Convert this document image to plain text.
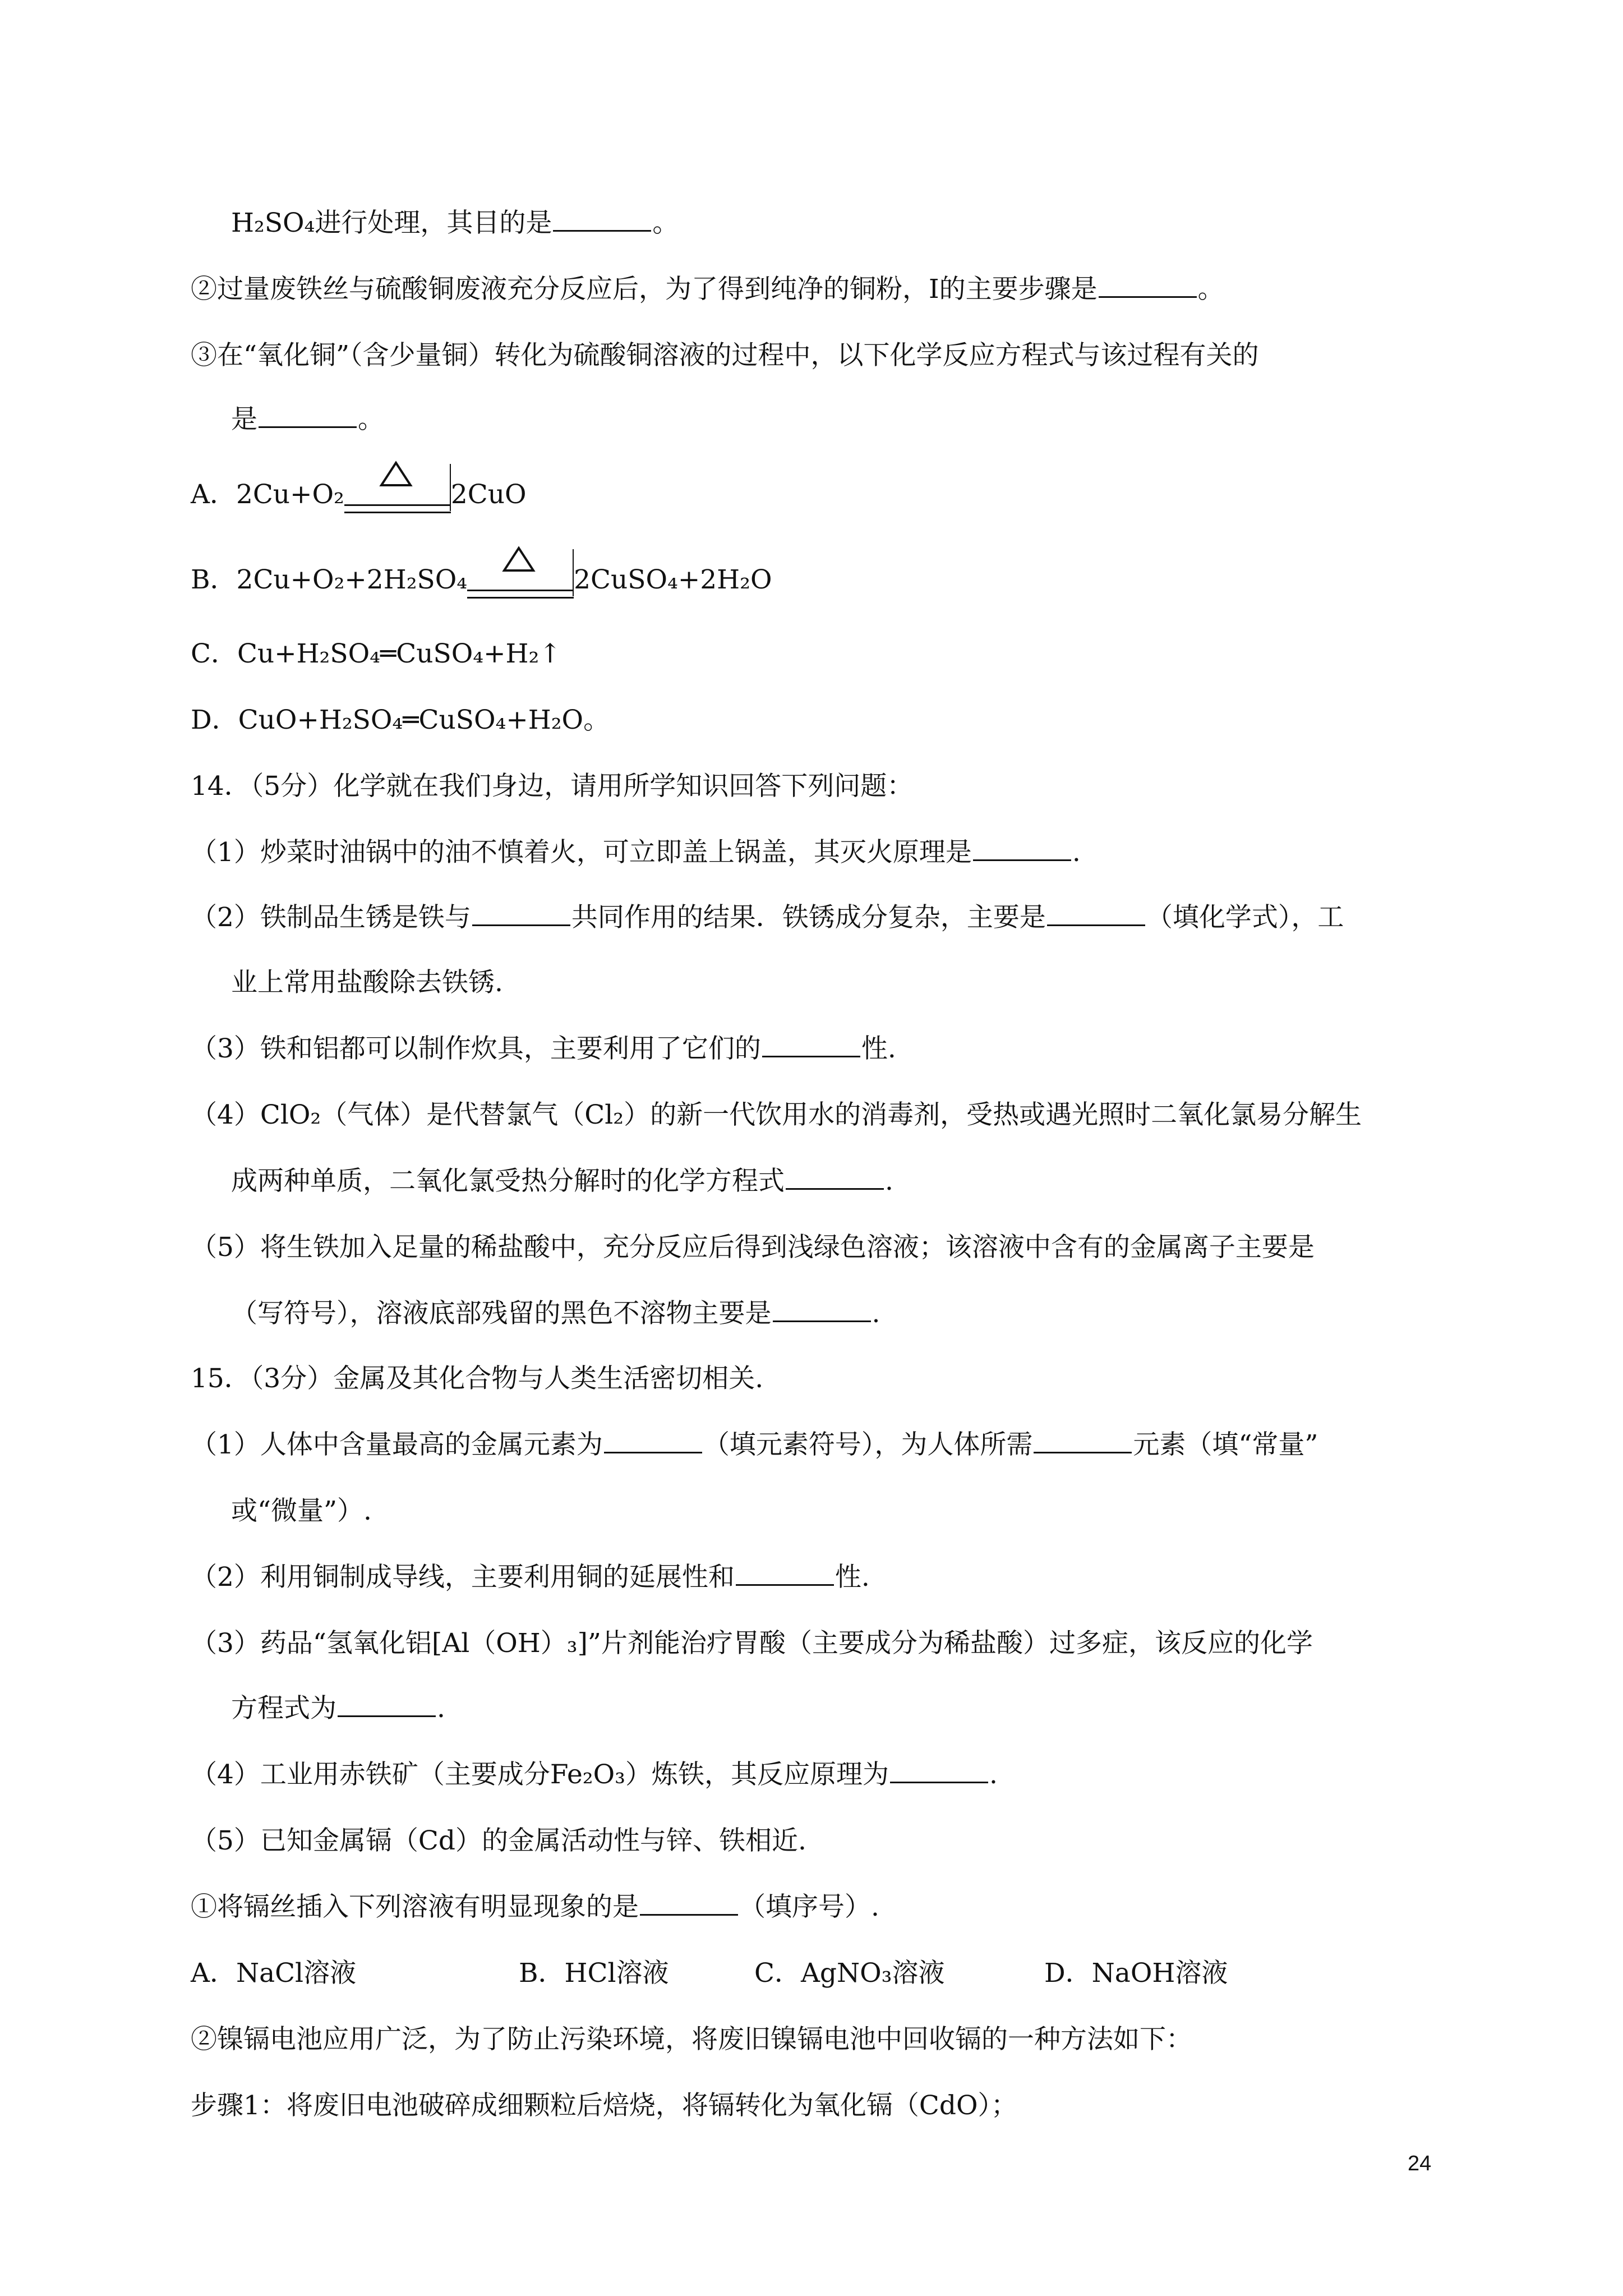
H₂SO₄进行处理，其目的是	。
②过量废铁丝与硫酸铜废液充分反应后，为了得到纯净的铜粉，Ⅰ的主要步骤是	。
③在“氧化铜”（含少量铜）转化为硫酸铜溶液的过程中，以下化学反应方程式与该过程有关的
是	。
A．2Cu+O₂	2CuO
B．2Cu+O₂+2H₂SO₄	2CuSO₄+2H₂O
C．Cu+H₂SO₄═CuSO₄+H₂↑
D．CuO+H₂SO₄═CuSO₄+H₂O。
14．（5分）化学就在我们身边，请用所学知识回答下列问题：
（1）炒菜时油锅中的油不慎着火，可立即盖上锅盖，其灭火原理是	.
（2）铁制品生锈是铁与	共同作用的结果．铁锈成分复杂，主要是	（填化学式），工
业上常用盐酸除去铁锈.
（3）铁和铝都可以制作炊具，主要利用了它们的	性.
（4）ClO₂（气体）是代替氯气（Cl₂）的新一代饮用水的消毒剂，受热或遇光照时二氧化氯易分解生
成两种单质，二氧化氯受热分解时的化学方程式	.
（5）将生铁加入足量的稀盐酸中，充分反应后得到浅绿色溶液；该溶液中含有的金属离子主要是
（写符号），溶液底部残留的黑色不溶物主要是	.
15．（3分）金属及其化合物与人类生活密切相关.
（1）人体中含量最高的金属元素为	（填元素符号），为人体所需	元素（填“常量”
或“微量”）.
（2）利用铜制成导线，主要利用铜的延展性和	性.
（3）药品“氢氧化铝[Al（OH）₃]”片剂能治疗胃酸（主要成分为稀盐酸）过多症，该反应的化学
方程式为	.
（4）工业用赤铁矿（主要成分Fe₂O₃）炼铁，其反应原理为	.
（5）已知金属镉（Cd）的金属活动性与锌、铁相近.
①将镉丝插入下列溶液有明显现象的是	（填序号）.
A．NaCl溶液	B．HCl溶液	C．AgNO₃溶液	D．NaOH溶液
②镍镉电池应用广泛，为了防止污染环境，将废旧镍镉电池中回收镉的一种方法如下：
步骤1：将废旧电池破碎成细颗粒后焙烧，将镉转化为氧化镉（CdO）；
24
